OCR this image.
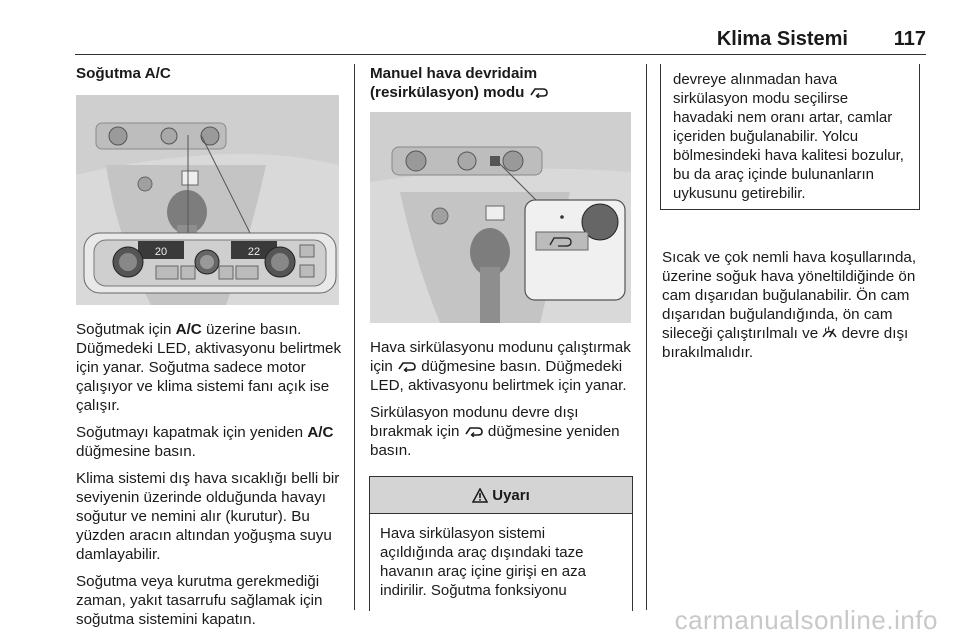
Klima Sistemi 117
Soğutma A/C
20	22

Soğutmak için A/C üzerine basın. Düğmedeki LED, aktivasyonu belirtmek için yanar. Soğutma sadece motor çalışıyor ve klima sistemi fanı açık ise çalışır.

Soğutmayı kapatmak için yeniden A/C düğmesine basın.

Klima sistemi dış hava sıcaklığı belli bir seviyenin üzerinde olduğunda havayı soğutur ve nemini alır (kurutur). Bu yüzden aracın altından yoğuşma suyu damlayabilir.

Soğutma veya kurutma gerekmediği zaman, yakıt tasarrufu sağlamak için soğutma sistemini kapatın.

Manuel hava devridaim
(resirkülasyon) modu

Hava sirkülasyonu modunu çalıştırmak için  düğmesine basın. Düğmedeki LED, aktivasyonu belirtmek için yanar.

Sirkülasyon modunu devre dışı bırakmak için  düğmesine yeniden basın.

Uyarı
Hava sirkülasyon sistemi açıldığında araç dışındaki taze havanın araç içine girişi en aza indirilir. Soğutma fonksiyonu
devreye alınmadan hava sirkülasyon modu seçilirse havadaki nem oranı artar, camlar içeriden buğulanabilir. Yolcu bölmesindeki hava kalitesi bozulur, bu da araç içinde bulunanların uykusunu getirebilir.

Sıcak ve çok nemli hava koşullarında, üzerine soğuk hava yöneltildiğinde ön cam dışarıdan buğulanabilir. Ön cam dışarıdan buğulandığında, ön cam sileceği çalıştırılmalı ve  devre dışı bırakılmalıdır.

carmanualsonline.info
